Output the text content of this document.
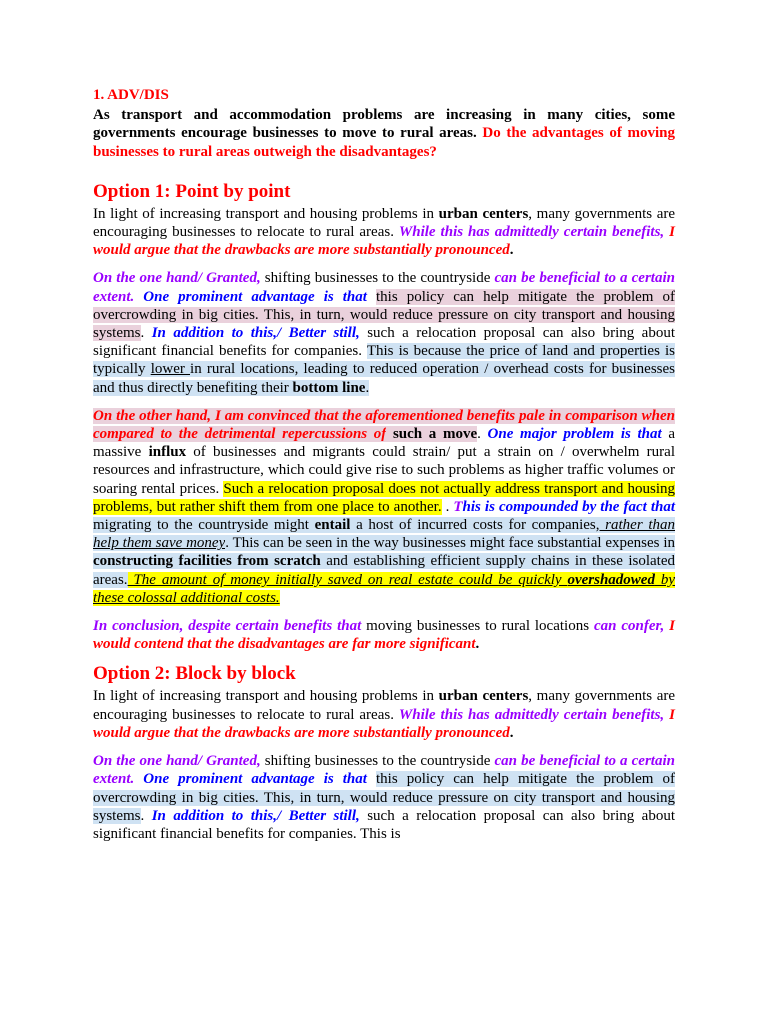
1. ADV/DIS

As transport and accommodation problems are increasing in many cities, some governments encourage businesses to move to rural areas. Do the advantages of moving businesses to rural areas outweigh the disadvantages?

Option 1: Point by point

In light of increasing transport and housing problems in urban centers, many governments are encouraging businesses to relocate to rural areas. While this has admittedly certain benefits, I would argue that the drawbacks are more substantially pronounced.

On the one hand/ Granted, shifting businesses to the countryside can be beneficial to a certain extent. One prominent advantage is that this policy can help mitigate the problem of overcrowding in big cities. This, in turn, would reduce pressure on city transport and housing systems. In addition to this,/ Better still, such a relocation proposal can also bring about significant financial benefits for companies. This is because the price of land and properties is typically lower in rural locations, leading to reduced operation / overhead costs for businesses and thus directly benefiting their bottom line.

On the other hand, I am convinced that the aforementioned benefits pale in comparison when compared to the detrimental repercussions of such a move. One major problem is that a massive influx of businesses and migrants could strain/ put a strain on / overwhelm rural resources and infrastructure, which could give rise to such problems as higher traffic volumes or soaring rental prices. Such a relocation proposal does not actually address transport and housing problems, but rather shift them from one place to another. . This is compounded by the fact that migrating to the countryside might entail a host of incurred costs for companies, rather than help them save money. This can be seen in the way businesses might face substantial expenses in constructing facilities from scratch and establishing efficient supply chains in these isolated areas. The amount of money initially saved on real estate could be quickly overshadowed by these colossal additional costs.

In conclusion, despite certain benefits that moving businesses to rural locations can confer, I would contend that the disadvantages are far more significant.

Option 2: Block by block

In light of increasing transport and housing problems in urban centers, many governments are encouraging businesses to relocate to rural areas. While this has admittedly certain benefits, I would argue that the drawbacks are more substantially pronounced.

On the one hand/ Granted, shifting businesses to the countryside can be beneficial to a certain extent. One prominent advantage is that this policy can help mitigate the problem of overcrowding in big cities. This, in turn, would reduce pressure on city transport and housing systems. In addition to this,/ Better still, such a relocation proposal can also bring about significant financial benefits for companies. This is
